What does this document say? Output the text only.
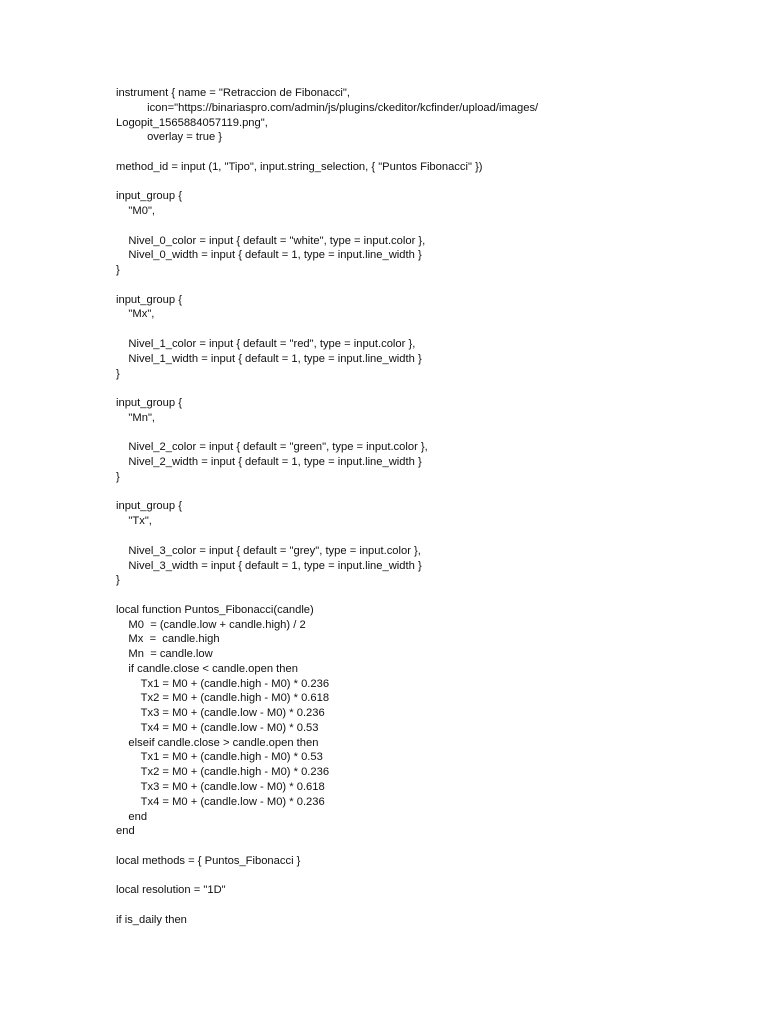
instrument { name = "Retraccion de Fibonacci",
icon="https://binariaspro.com/admin/js/plugins/ckeditor/kcfinder/upload/images/
Logopit_1565884057119.png",
overlay = true }
method_id = input (1, "Tipo", input.string_selection, { "Puntos Fibonacci" })
input_group {
"M0",
Nivel_0_color = input { default = "white", type = input.color },
Nivel_0_width = input { default = 1, type = input.line_width }
}
input_group {
"Mx",
Nivel_1_color = input { default = "red", type = input.color },
Nivel_1_width = input { default = 1, type = input.line_width }
}
input_group {
"Mn",
Nivel_2_color = input { default = "green", type = input.color },
Nivel_2_width = input { default = 1, type = input.line_width }
}
input_group {
"Tx",
Nivel_3_color = input { default = "grey", type = input.color },
Nivel_3_width = input { default = 1, type = input.line_width }
}
local function Puntos_Fibonacci(candle)
M0  = (candle.low + candle.high) / 2
Mx  =  candle.high
Mn  = candle.low
if candle.close < candle.open then
Tx1 = M0 + (candle.high - M0) * 0.236
Tx2 = M0 + (candle.high - M0) * 0.618
Tx3 = M0 + (candle.low - M0) * 0.236
Tx4 = M0 + (candle.low - M0) * 0.53
elseif candle.close > candle.open then
Tx1 = M0 + (candle.high - M0) * 0.53
Tx2 = M0 + (candle.high - M0) * 0.236
Tx3 = M0 + (candle.low - M0) * 0.618
Tx4 = M0 + (candle.low - M0) * 0.236
end
end
local methods = { Puntos_Fibonacci }
local resolution = "1D"
if is_daily then
